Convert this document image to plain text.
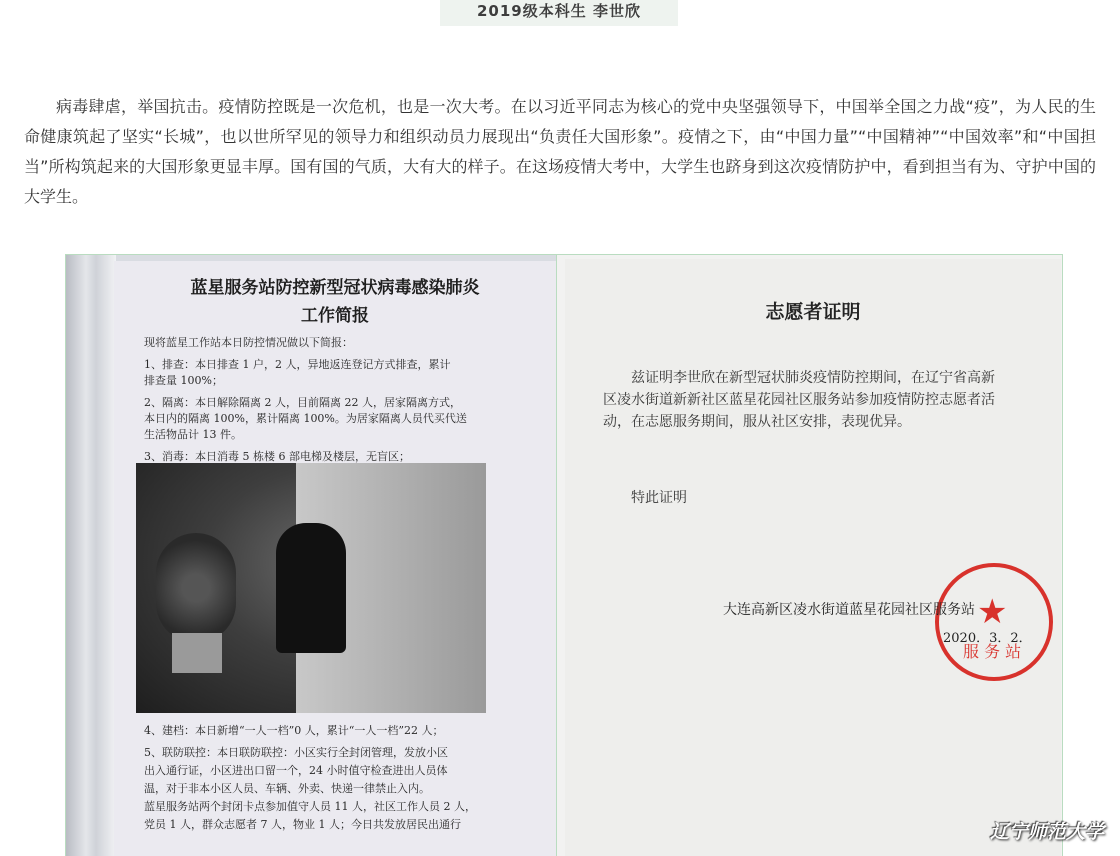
2019级本科生 李世欣

病毒肆虐，举国抗击。疫情防控既是一次危机，也是一次大考。在以习近平同志为核心的党中央坚强领导下，中国举全国之力战“疫”，为人民的生命健康筑起了坚实“长城”，也以世所罕见的领导力和组织动员力展现出“负责任大国形象”。疫情之下，由“中国力量”“中国精神”“中国效率”和“中国担当”所构筑起来的大国形象更显丰厚。国有国的气质，大有大的样子。在这场疫情大考中，大学生也跻身到这次疫情防护中，看到担当有为、守护中国的大学生。

蓝星服务站防控新型冠状病毒感染肺炎
工作简报
现将蓝星工作站本日防控情况做以下简报：
1、排查：本日排查 1 户，2 人，异地返连登记方式排查，累计
排查量 100%；
2、隔离：本日解除隔离 2 人，目前隔离 22 人，居家隔离方式，
本日内的隔离 100%，累计隔离 100%。为居家隔离人员代买代送
生活物品计 13 件。
3、消毒：本日消毒 5 栋楼 6 部电梯及楼层，无盲区；
4、建档：本日新增“一人一档”0 人，累计“一人一档”22 人；
5、联防联控：本日联防联控：小区实行全封闭管理，发放小区
出入通行证，小区进出口留一个，24 小时值守检查进出人员体
温，对于非本小区人员、车辆、外卖、快递一律禁止入内。
蓝星服务站两个封闭卡点参加值守人员 11 人，社区工作人员 2 人，
党员 1 人，群众志愿者 7 人，物业 1 人；今日共发放居民出通行
志愿者证明
兹证明李世欣在新型冠状肺炎疫情防控期间，在辽宁省高新区凌水街道新新社区蓝星花园社区服务站参加疫情防控志愿者活动，在志愿服务期间，服从社区安排，表现优异。
特此证明
★
服 务 站
大连高新区凌水街道蓝星花园社区服务站
2020．3．2．
辽宁师范大学
